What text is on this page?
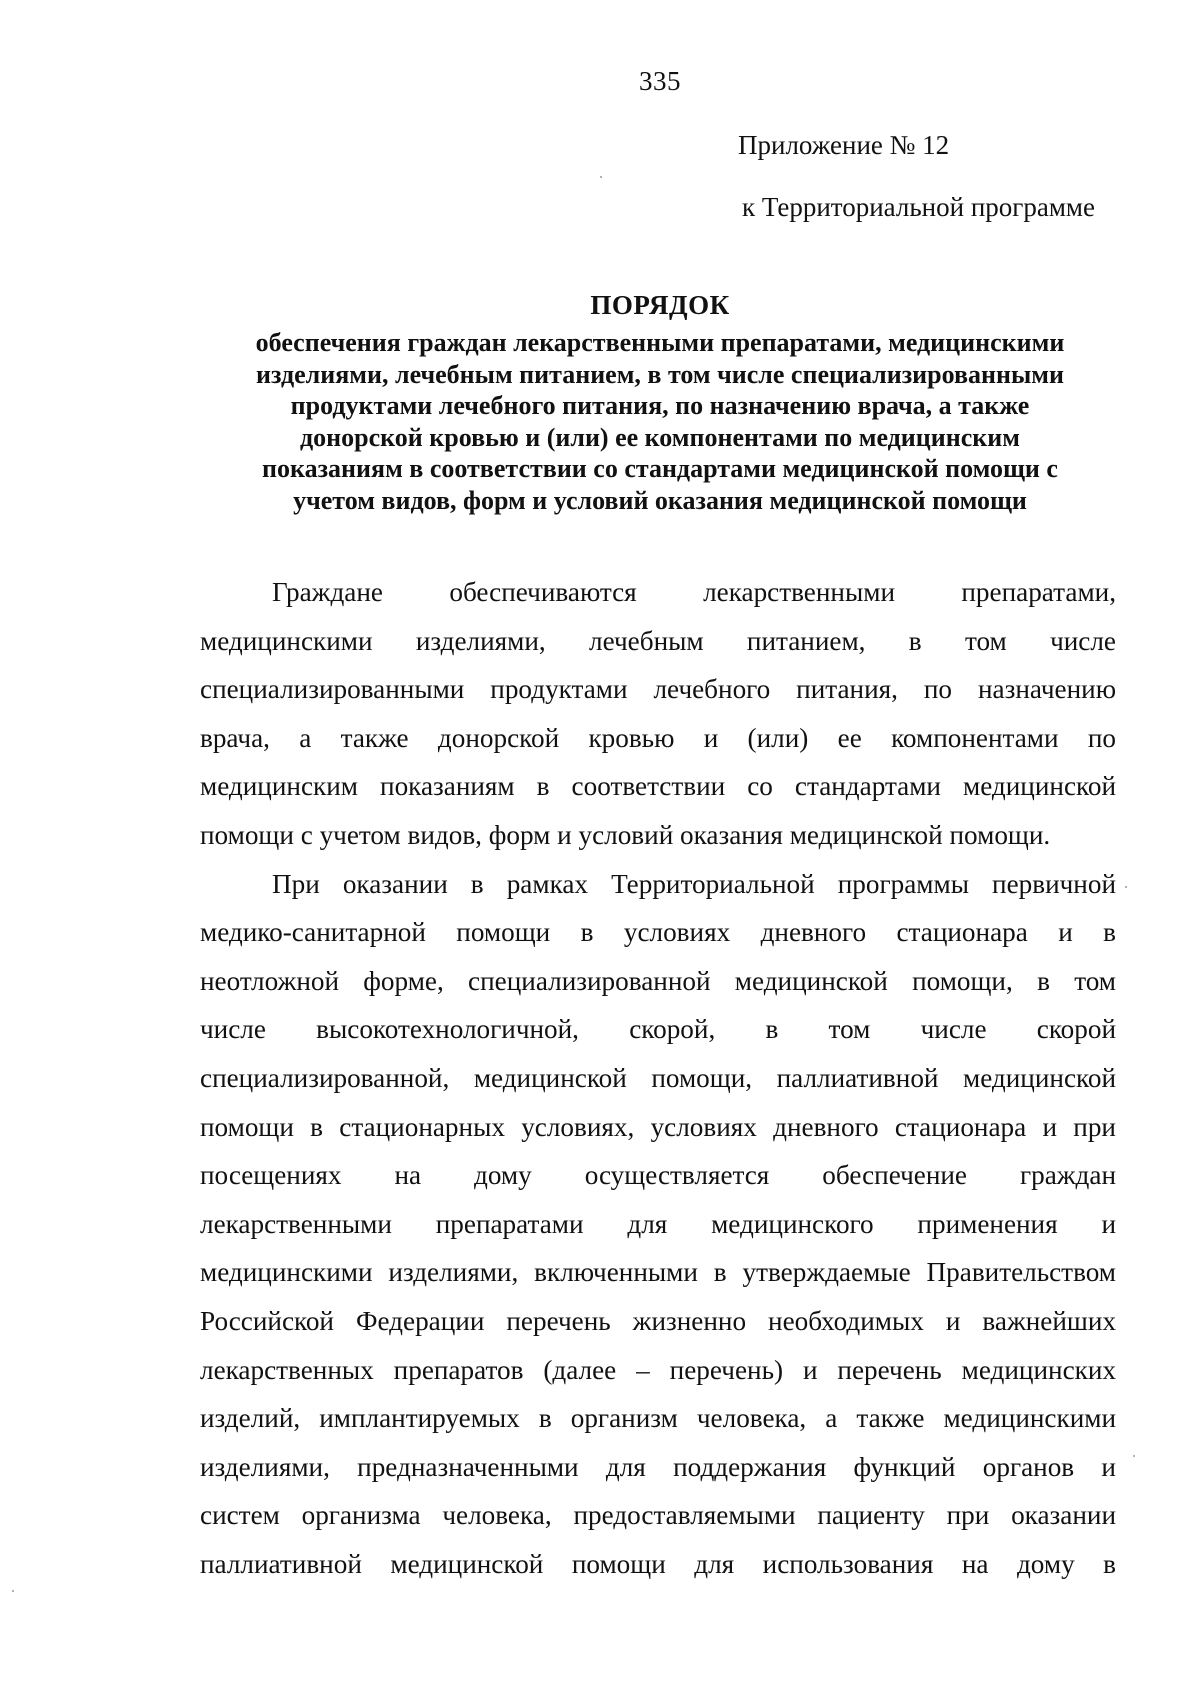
335
Приложение № 12
к Территориальной программе
ПОРЯДОК
обеспечения граждан лекарственными препаратами, медицинскими
изделиями, лечебным питанием, в том числе специализированными
продуктами лечебного питания, по назначению врача, а также
донорской кровью и (или) ее компонентами по медицинским
показаниям в соответствии со стандартами медицинской помощи с
учетом видов, форм и условий оказания медицинской помощи
Граждане обеспечиваются лекарственными препаратами,
медицинскими изделиями, лечебным питанием, в том числе
специализированными продуктами лечебного питания, по назначению
врача, а также донорской кровью и (или) ее компонентами по
медицинским показаниям в соответствии со стандартами медицинской
помощи с учетом видов, форм и условий оказания медицинской помощи.
При оказании в рамках Территориальной программы первичной
медико-санитарной помощи в условиях дневного стационара и в
неотложной форме, специализированной медицинской помощи, в том
числе высокотехнологичной, скорой, в том числе скорой
специализированной, медицинской помощи, паллиативной медицинской
помощи в стационарных условиях, условиях дневного стационара и при
посещениях на дому осуществляется обеспечение граждан
лекарственными препаратами для медицинского применения и
медицинскими изделиями, включенными в утверждаемые Правительством
Российской Федерации перечень жизненно необходимых и важнейших
лекарственных препаратов (далее – перечень) и перечень медицинских
изделий, имплантируемых в организм человека, а также медицинскими
изделиями, предназначенными для поддержания функций органов и
систем организма человека, предоставляемыми пациенту при оказании
паллиативной медицинской помощи для использования на дому в
